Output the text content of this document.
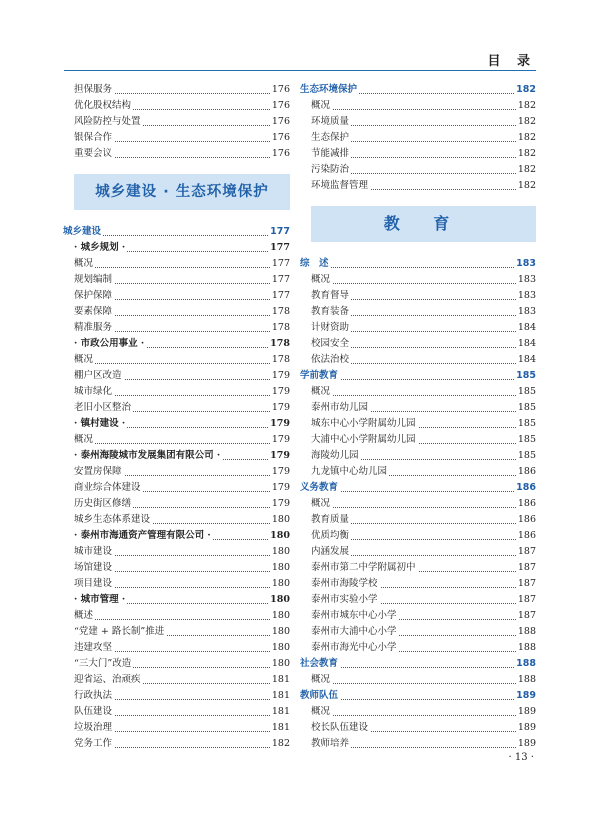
目 录
担保服务	176
优化股权结构	176
风险防控与处置	176
银保合作	176
重要会议	176
城乡建设 · 生态环境保护
城乡建设	177
· 城乡规划 ·	177
概况	177
规划编制	177
保护保障	177
要素保障	178
精准服务	178
· 市政公用事业 ·	178
概况	178
棚户区改造	179
城市绿化	179
老旧小区整治	179
· 镇村建设 ·	179
概况	179
· 泰州海陵城市发展集团有限公司 ·	179
安置房保障	179
商业综合体建设	179
历史街区修缮	179
城乡生态体系建设	180
· 泰州市海通资产管理有限公司 ·	180
城市建设	180
场馆建设	180
项目建设	180
· 城市管理 ·	180
概述	180
“党建 + 路长制”推进	180
违建攻坚	180
“三大门”改造	180
迎省运、治顽疾	181
行政执法	181
队伍建设	181
垃圾治理	181
党务工作	182
生态环境保护	182
概况	182
环境质量	182
生态保护	182
节能减排	182
污染防治	182
环境监督管理	182
教 育
综　述	183
概况	183
教育督导	183
教育装备	183
计财资助	184
校园安全	184
依法治校	184
学前教育	185
概况	185
泰州市幼儿园	185
城东中心小学附属幼儿园	185
大浦中心小学附属幼儿园	185
海陵幼儿园	185
九龙镇中心幼儿园	186
义务教育	186
概况	186
教育质量	186
优质均衡	186
内涵发展	187
泰州市第二中学附属初中	187
泰州市海陵学校	187
泰州市实验小学	187
泰州市城东中心小学	187
泰州市大浦中心小学	188
泰州市海光中心小学	188
社会教育	188
概况	188
教师队伍	189
概况	189
校长队伍建设	189
教师培养	189
· 13 ·
